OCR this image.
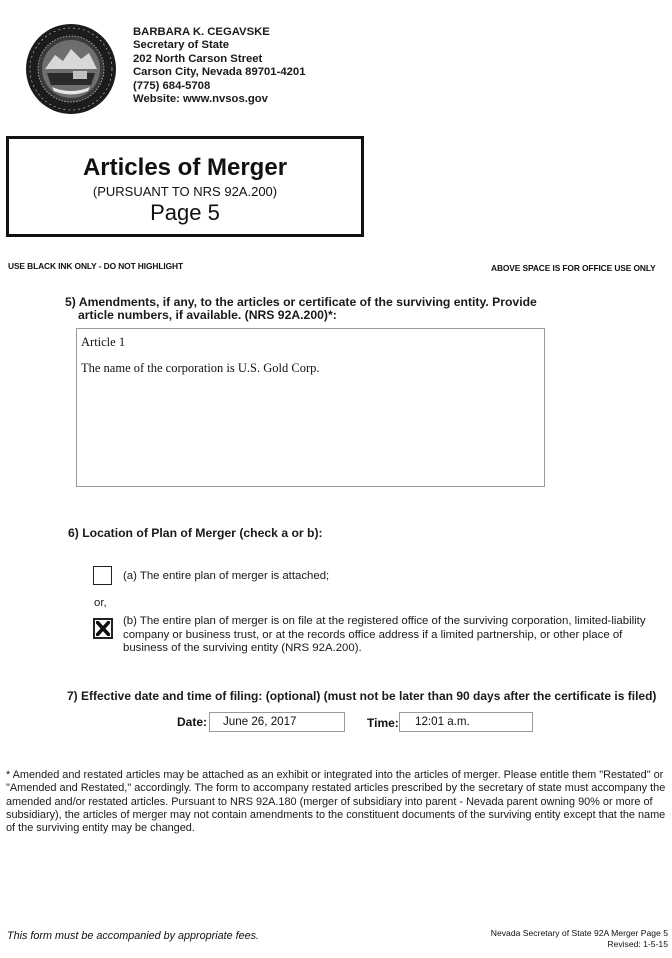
BARBARA K. CEGAVSKE
Secretary of State
202 North Carson Street
Carson City, Nevada 89701-4201
(775) 684-5708
Website: www.nvsos.gov
Articles of Merger
(PURSUANT TO NRS 92A.200)
Page 5
USE BLACK INK ONLY - DO NOT HIGHLIGHT	ABOVE SPACE IS FOR OFFICE USE ONLY
5) Amendments, if any, to the articles or certificate of the surviving entity. Provide
article numbers, if available. (NRS 92A.200)*:
Article 1
The name of the corporation is U.S. Gold Corp.
6) Location of Plan of Merger (check a or b):
(a) The entire plan of merger is attached;
or,
(b) The entire plan of merger is on file at the registered office of the surviving corporation, limited-liability company or business trust, or at the records office address if a limited partnership, or other place of business of the surviving entity (NRS 92A.200).
7) Effective date and time of filing: (optional) (must not be later than 90 days after the certificate is filed)
Date:	June 26, 2017	Time:	12:01 a.m.
* Amended and restated articles may be attached as an exhibit or integrated into the articles of merger. Please entitle them "Restated" or "Amended and Restated," accordingly. The form to accompany restated articles prescribed by the secretary of state must accompany the amended and/or restated articles. Pursuant to NRS 92A.180 (merger of subsidiary into parent - Nevada parent owning 90% or more of subsidiary), the articles of merger may not contain amendments to the constituent documents of the surviving entity except that the name of the surviving entity may be changed.
This form must be accompanied by appropriate fees.	Nevada Secretary of State 92A Merger Page 5
Revised: 1-5-15
